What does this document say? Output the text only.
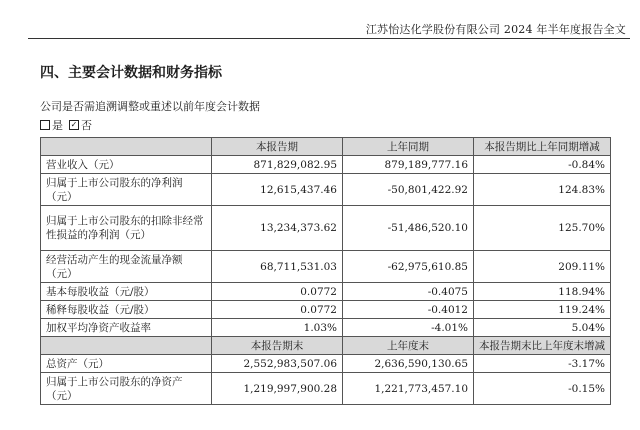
江苏怡达化学股份有限公司 2024 年半年度报告全文
四、主要会计数据和财务指标
公司是否需追溯调整或重述以前年度会计数据
是 ✓ 否
	本报告期	上年同期	本报告期比上年同期增减
营业收入（元）	871,829,082.95	879,189,777.16	-0.84%
归属于上市公司股东的净利润（元）	12,615,437.46	-50,801,422.92	124.83%
归属于上市公司股东的扣除非经常性损益的净利润（元）	13,234,373.62	-51,486,520.10	125.70%
经营活动产生的现金流量净额（元）	68,711,531.03	-62,975,610.85	209.11%
基本每股收益（元/股）	0.0772	-0.4075	118.94%
稀释每股收益（元/股）	0.0772	-0.4012	119.24%
加权平均净资产收益率	1.03%	-4.01%	5.04%
	本报告期末	上年度末	本报告期末比上年度末增减
总资产（元）	2,552,983,507.06	2,636,590,130.65	-3.17%
归属于上市公司股东的净资产（元）	1,219,997,900.28	1,221,773,457.10	-0.15%
